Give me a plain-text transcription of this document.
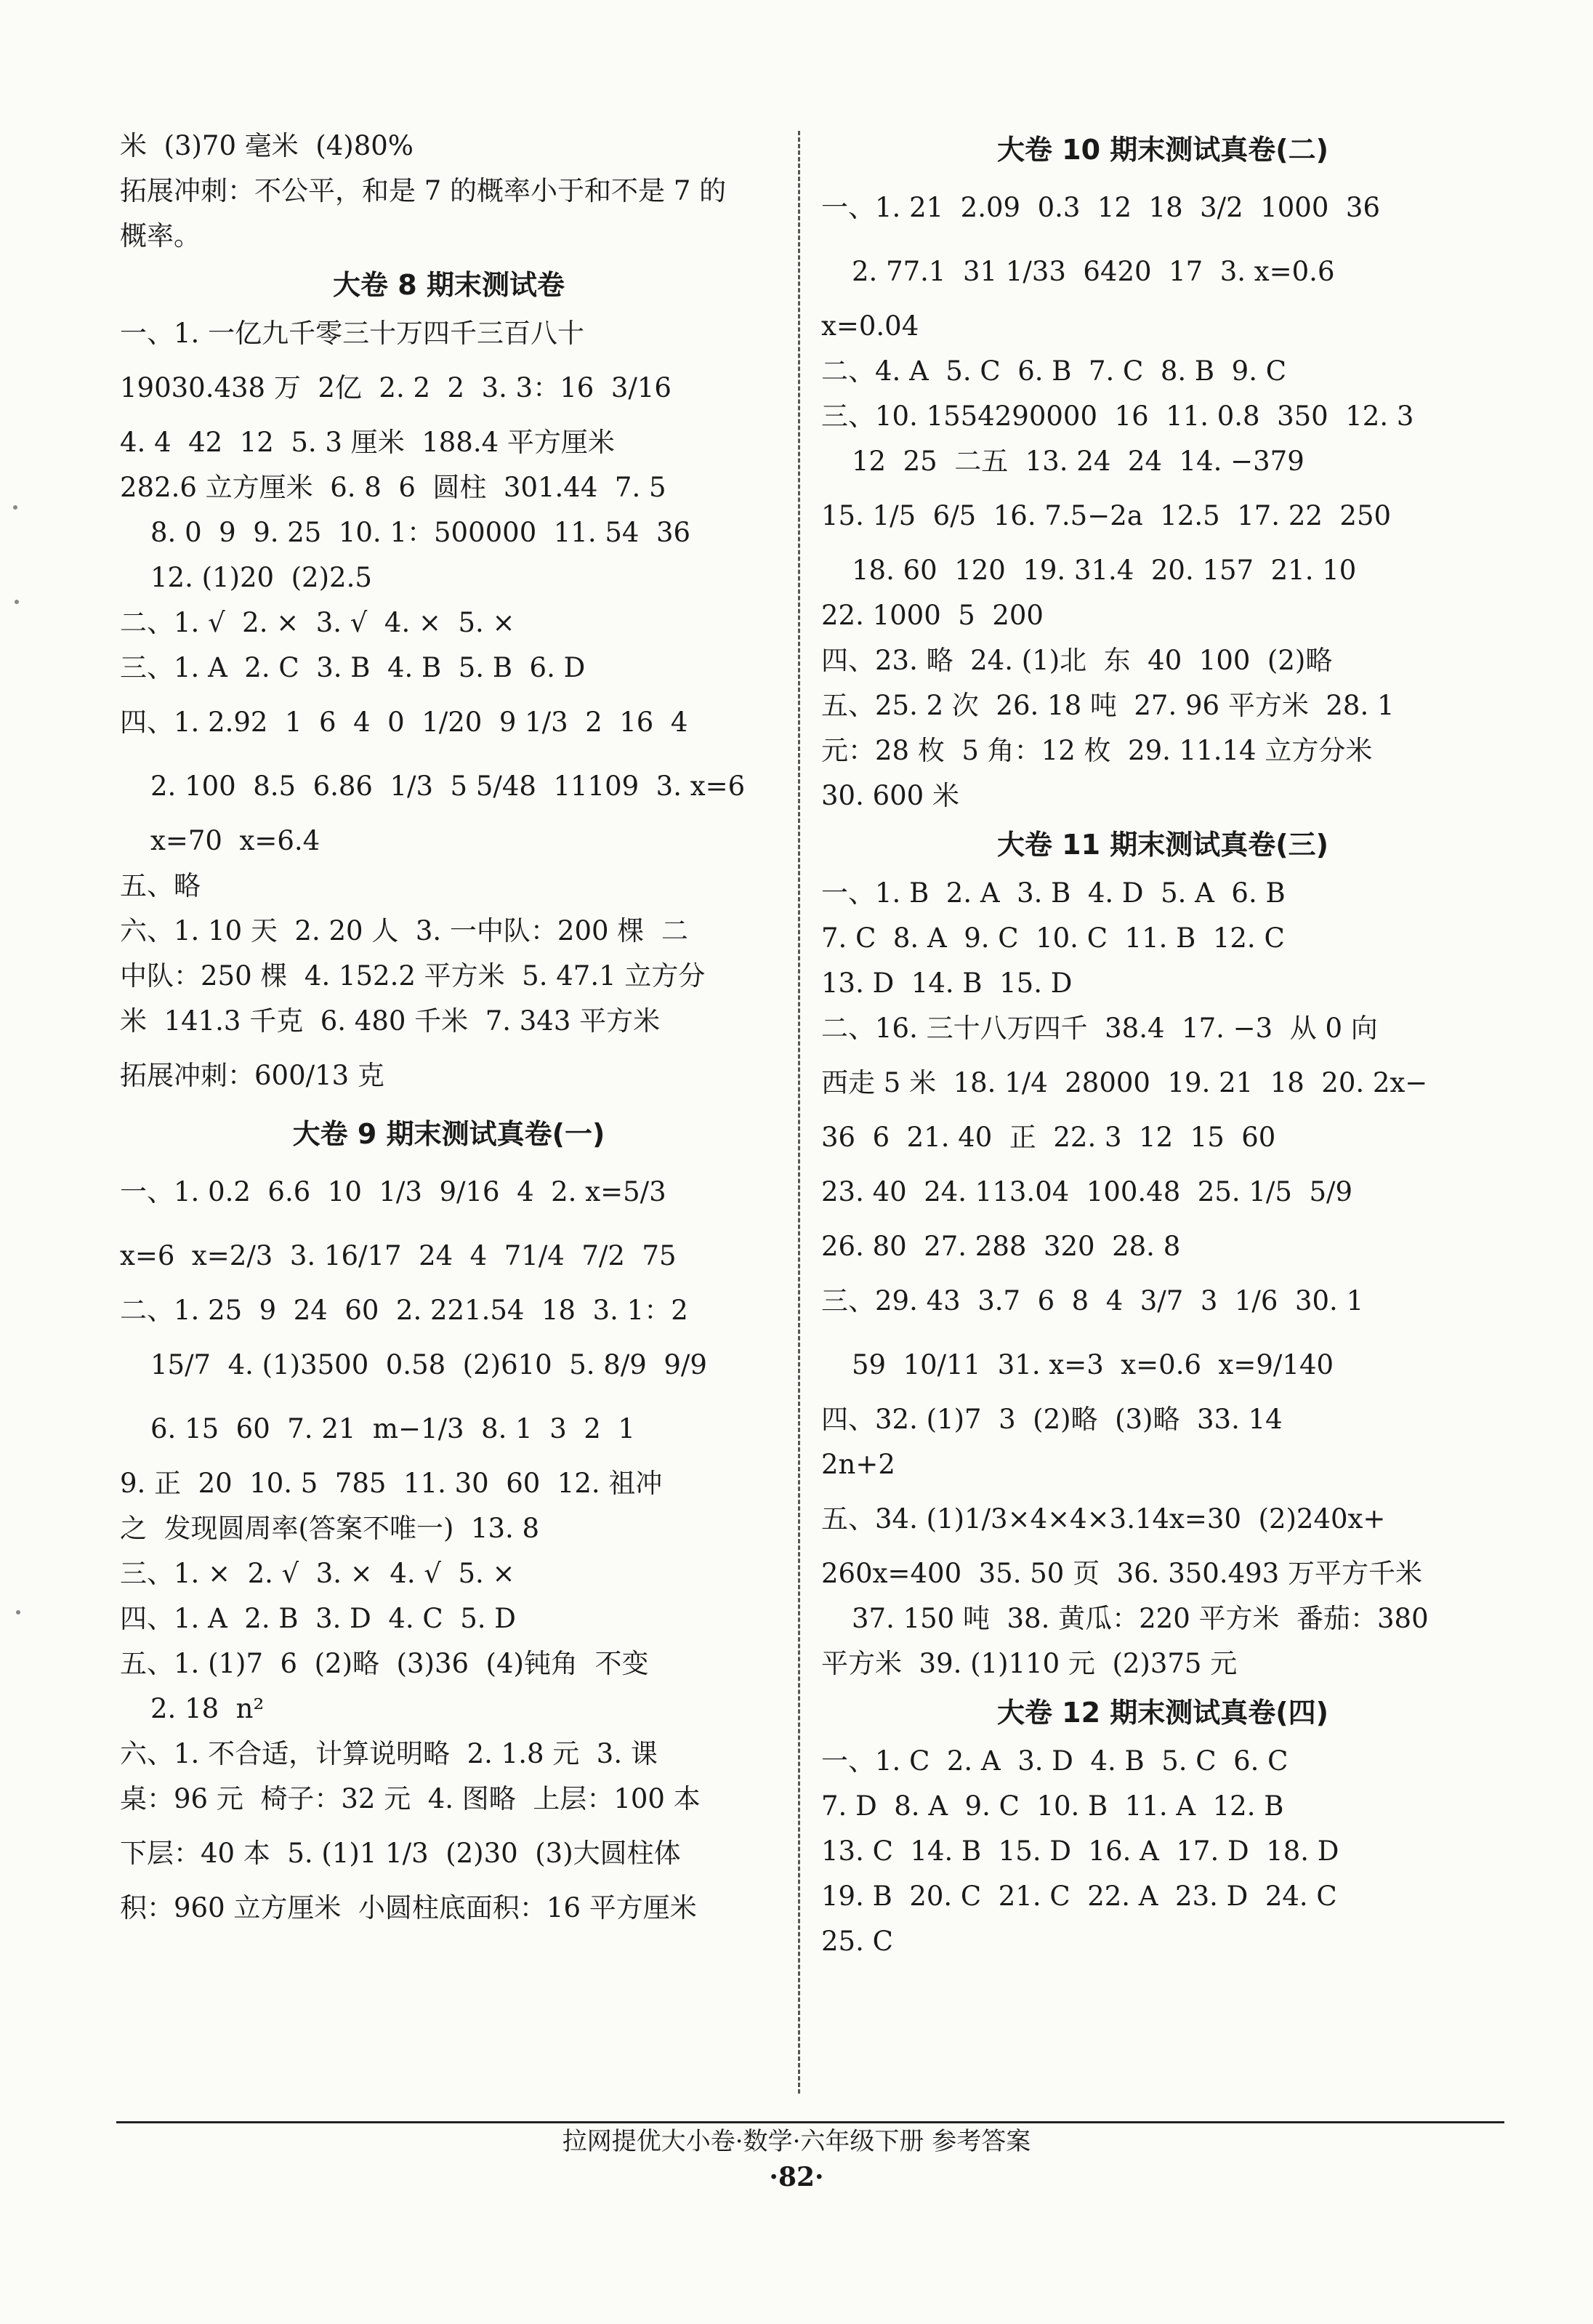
米  (3)70 毫米  (4)80%
拓展冲刺：不公平，和是 7 的概率小于和不是 7 的
概率。
大卷 8 期末测试卷
一、1. 一亿九千零三十万四千三百八十
19030.438 万  2亿  2. 2  2  3. 3：16  3/16
4. 4  42  12  5. 3 厘米  188.4 平方厘米
282.6 立方厘米  6. 8  6  圆柱  301.44  7. 5
8. 0  9  9. 25  10. 1：500000  11. 54  36
12. (1)20  (2)2.5
二、1. √  2. ×  3. √  4. ×  5. ×
三、1. A  2. C  3. B  4. B  5. B  6. D
四、1. 2.92  1  6  4  0  1/20  9 1/3  2  16  4
2. 100  8.5  6.86  1/3  5 5/48  11109  3. x=6
x=70  x=6.4
五、略
六、1. 10 天  2. 20 人  3. 一中队：200 棵  二
中队：250 棵  4. 152.2 平方米  5. 47.1 立方分
米  141.3 千克  6. 480 千米  7. 343 平方米
拓展冲刺：600/13 克
大卷 9 期末测试真卷(一)
一、1. 0.2  6.6  10  1/3  9/16  4  2. x=5/3
x=6  x=2/3  3. 16/17  24  4  71/4  7/2  75
二、1. 25  9  24  60  2. 221.54  18  3. 1：2
15/7  4. (1)3500  0.58  (2)610  5. 8/9  9/9
6. 15  60  7. 21  m−1/3  8. 1  3  2  1
9. 正  20  10. 5  785  11. 30  60  12. 祖冲
之  发现圆周率(答案不唯一)  13. 8
三、1. ×  2. √  3. ×  4. √  5. ×
四、1. A  2. B  3. D  4. C  5. D
五、1. (1)7  6  (2)略  (3)36  (4)钝角  不变
2. 18  n²
六、1. 不合适，计算说明略  2. 1.8 元  3. 课
桌：96 元  椅子：32 元  4. 图略  上层：100 本
下层：40 本  5. (1)1 1/3  (2)30  (3)大圆柱体
积：960 立方厘米  小圆柱底面积：16 平方厘米
大卷 10 期末测试真卷(二)
一、1. 21  2.09  0.3  12  18  3/2  1000  36
2. 77.1  31 1/33  6420  17  3. x=0.6
x=0.04
二、4. A  5. C  6. B  7. C  8. B  9. C
三、10. 1554290000  16  11. 0.8  350  12. 3
12  25  二五  13. 24  24  14. −379
15. 1/5  6/5  16. 7.5−2a  12.5  17. 22  250
18. 60  120  19. 31.4  20. 157  21. 10
22. 1000  5  200
四、23. 略  24. (1)北  东  40  100  (2)略
五、25. 2 次  26. 18 吨  27. 96 平方米  28. 1
元：28 枚  5 角：12 枚  29. 11.14 立方分米
30. 600 米
大卷 11 期末测试真卷(三)
一、1. B  2. A  3. B  4. D  5. A  6. B
7. C  8. A  9. C  10. C  11. B  12. C
13. D  14. B  15. D
二、16. 三十八万四千  38.4  17. −3  从 0 向
西走 5 米  18. 1/4  28000  19. 21  18  20. 2x−
36  6  21. 40  正  22. 3  12  15  60
23. 40  24. 113.04  100.48  25. 1/5  5/9
26. 80  27. 288  320  28. 8
三、29. 43  3.7  6  8  4  3/7  3  1/6  30. 1
59  10/11  31. x=3  x=0.6  x=9/140
四、32. (1)7  3  (2)略  (3)略  33. 14
2n+2
五、34. (1)1/3×4×4×3.14x=30  (2)240x+
260x=400  35. 50 页  36. 350.493 万平方千米
37. 150 吨  38. 黄瓜：220 平方米  番茄：380
平方米  39. (1)110 元  (2)375 元
大卷 12 期末测试真卷(四)
一、1. C  2. A  3. D  4. B  5. C  6. C
7. D  8. A  9. C  10. B  11. A  12. B
13. C  14. B  15. D  16. A  17. D  18. D
19. B  20. C  21. C  22. A  23. D  24. C
25. C
拉网提优大小卷·数学·六年级下册 参考答案
·82·
